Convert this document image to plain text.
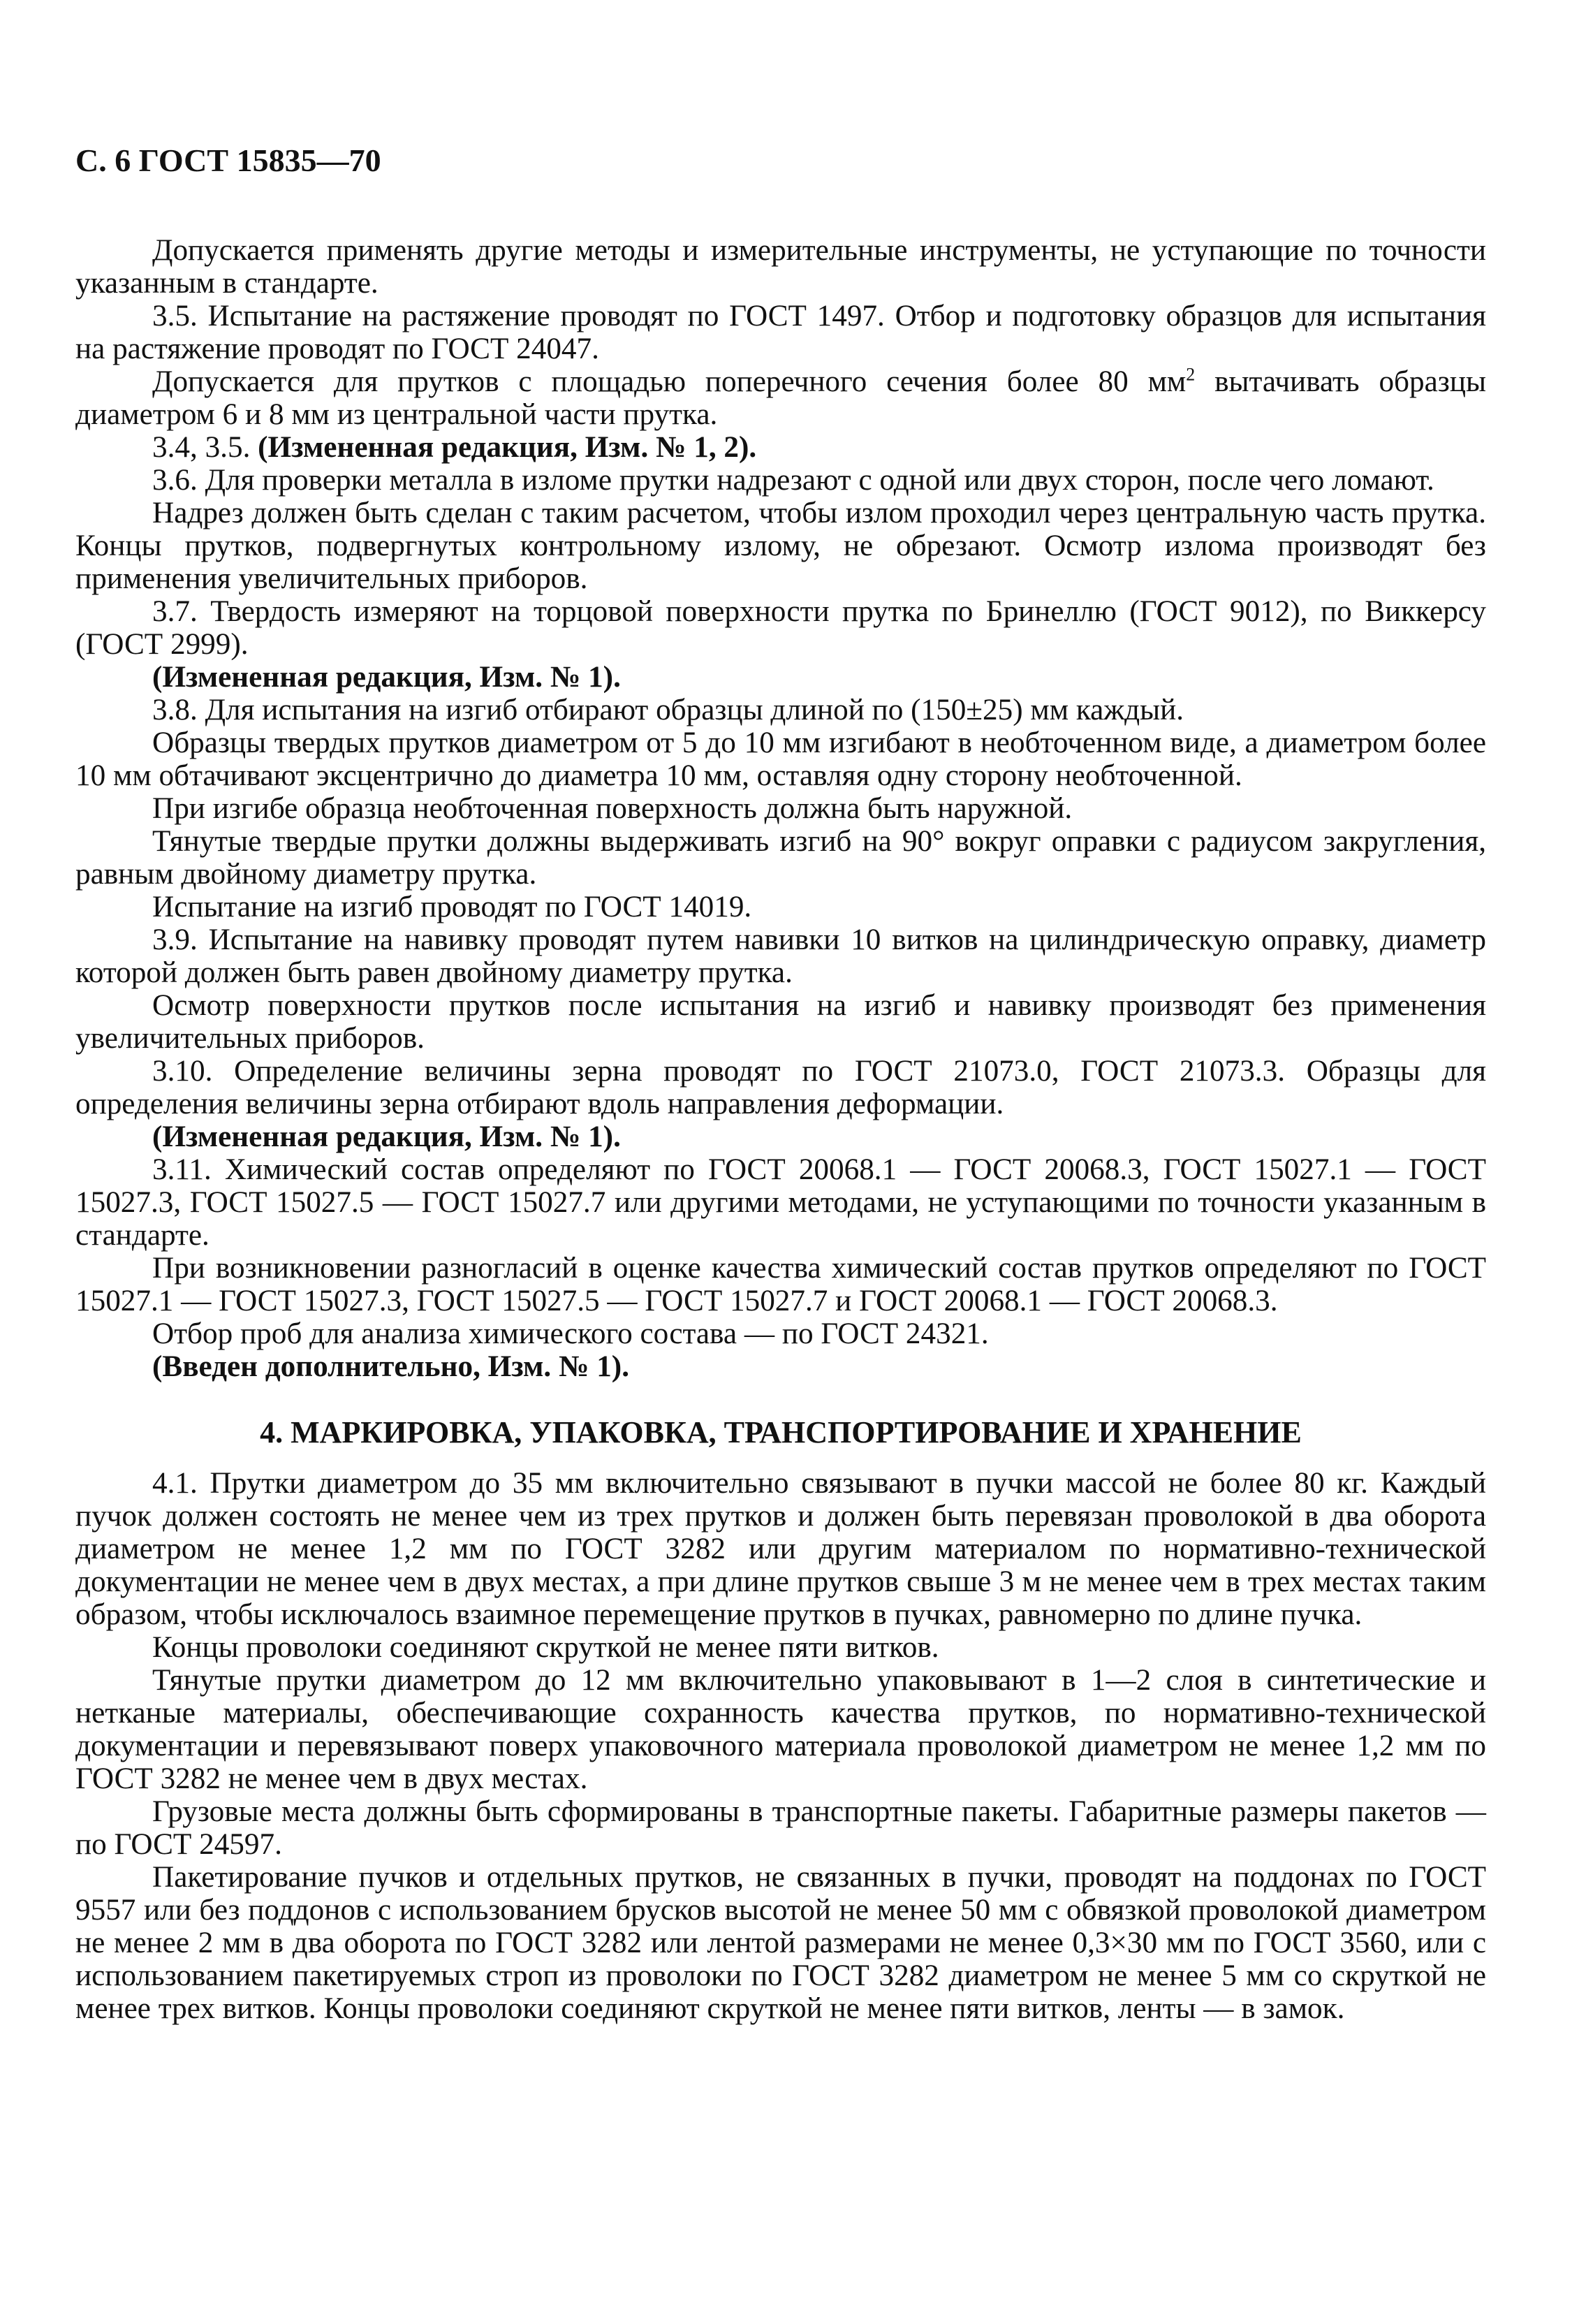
С. 6 ГОСТ 15835—70

Допускается применять другие методы и измерительные инструменты, не уступающие по точности указанным в стандарте.

3.5. Испытание на растяжение проводят по ГОСТ 1497. Отбор и подготовку образцов для испытания на растяжение проводят по ГОСТ 24047.

Допускается для прутков с площадью поперечного сечения более 80 $мм^2$ вытачивать образцы диаметром 6 и 8 мм из центральной части прутка.

3.4, 3.5. (Измененная редакция, Изм. № 1, 2).

3.6. Для проверки металла в изломе прутки надрезают с одной или двух сторон, после чего ломают.

Надрез должен быть сделан с таким расчетом, чтобы излом проходил через центральную часть прутка. Концы прутков, подвергнутых контрольному излому, не обрезают. Осмотр излома производят без применения увеличительных приборов.

3.7. Твердость измеряют на торцовой поверхности прутка по Бринеллю (ГОСТ 9012), по Виккерсу (ГОСТ 2999).

(Измененная редакция, Изм. № 1).

3.8. Для испытания на изгиб отбирают образцы длиной по (150±25) мм каждый.

Образцы твердых прутков диаметром от 5 до 10 мм изгибают в необточенном виде, а диаметром более 10 мм обтачивают эксцентрично до диаметра 10 мм, оставляя одну сторону необточенной.

При изгибе образца необточенная поверхность должна быть наружной.

Тянутые твердые прутки должны выдерживать изгиб на 90° вокруг оправки с радиусом закругления, равным двойному диаметру прутка.

Испытание на изгиб проводят по ГОСТ 14019.

3.9. Испытание на навивку проводят путем навивки 10 витков на цилиндрическую оправку, диаметр которой должен быть равен двойному диаметру прутка.

Осмотр поверхности прутков после испытания на изгиб и навивку производят без применения увеличительных приборов.

3.10. Определение величины зерна проводят по ГОСТ 21073.0, ГОСТ 21073.3. Образцы для определения величины зерна отбирают вдоль направления деформации.

(Измененная редакция, Изм. № 1).

3.11. Химический состав определяют по ГОСТ 20068.1 — ГОСТ 20068.3, ГОСТ 15027.1 — ГОСТ 15027.3, ГОСТ 15027.5 — ГОСТ 15027.7 или другими методами, не уступающими по точности указанным в стандарте.

При возникновении разногласий в оценке качества химический состав прутков определяют по ГОСТ 15027.1 — ГОСТ 15027.3, ГОСТ 15027.5 — ГОСТ 15027.7 и ГОСТ 20068.1 — ГОСТ 20068.3.

Отбор проб для анализа химического состава — по ГОСТ 24321.

(Введен дополнительно, Изм. № 1).

4. МАРКИРОВКА, УПАКОВКА, ТРАНСПОРТИРОВАНИЕ И ХРАНЕНИЕ

4.1. Прутки диаметром до 35 мм включительно связывают в пучки массой не более 80 кг. Каждый пучок должен состоять не менее чем из трех прутков и должен быть перевязан проволокой в два оборота диаметром не менее 1,2 мм по ГОСТ 3282 или другим материалом по нормативно-технической документации не менее чем в двух местах, а при длине прутков свыше 3 м не менее чем в трех местах таким образом, чтобы исключалось взаимное перемещение прутков в пучках, равномерно по длине пучка.

Концы проволоки соединяют скруткой не менее пяти витков.

Тянутые прутки диаметром до 12 мм включительно упаковывают в 1—2 слоя в синтетические и нетканые материалы, обеспечивающие сохранность качества прутков, по нормативно-технической документации и перевязывают поверх упаковочного материала проволокой диаметром не менее 1,2 мм по ГОСТ 3282 не менее чем в двух местах.

Грузовые места должны быть сформированы в транспортные пакеты. Габаритные размеры пакетов — по ГОСТ 24597.

Пакетирование пучков и отдельных прутков, не связанных в пучки, проводят на поддонах по ГОСТ 9557 или без поддонов с использованием брусков высотой не менее 50 мм с обвязкой проволокой диаметром не менее 2 мм в два оборота по ГОСТ 3282 или лентой размерами не менее 0,3×30 мм по ГОСТ 3560, или с использованием пакетируемых строп из проволоки по ГОСТ 3282 диаметром не менее 5 мм со скруткой не менее трех витков. Концы проволоки соединяют скруткой не менее пяти витков, ленты — в замок.
